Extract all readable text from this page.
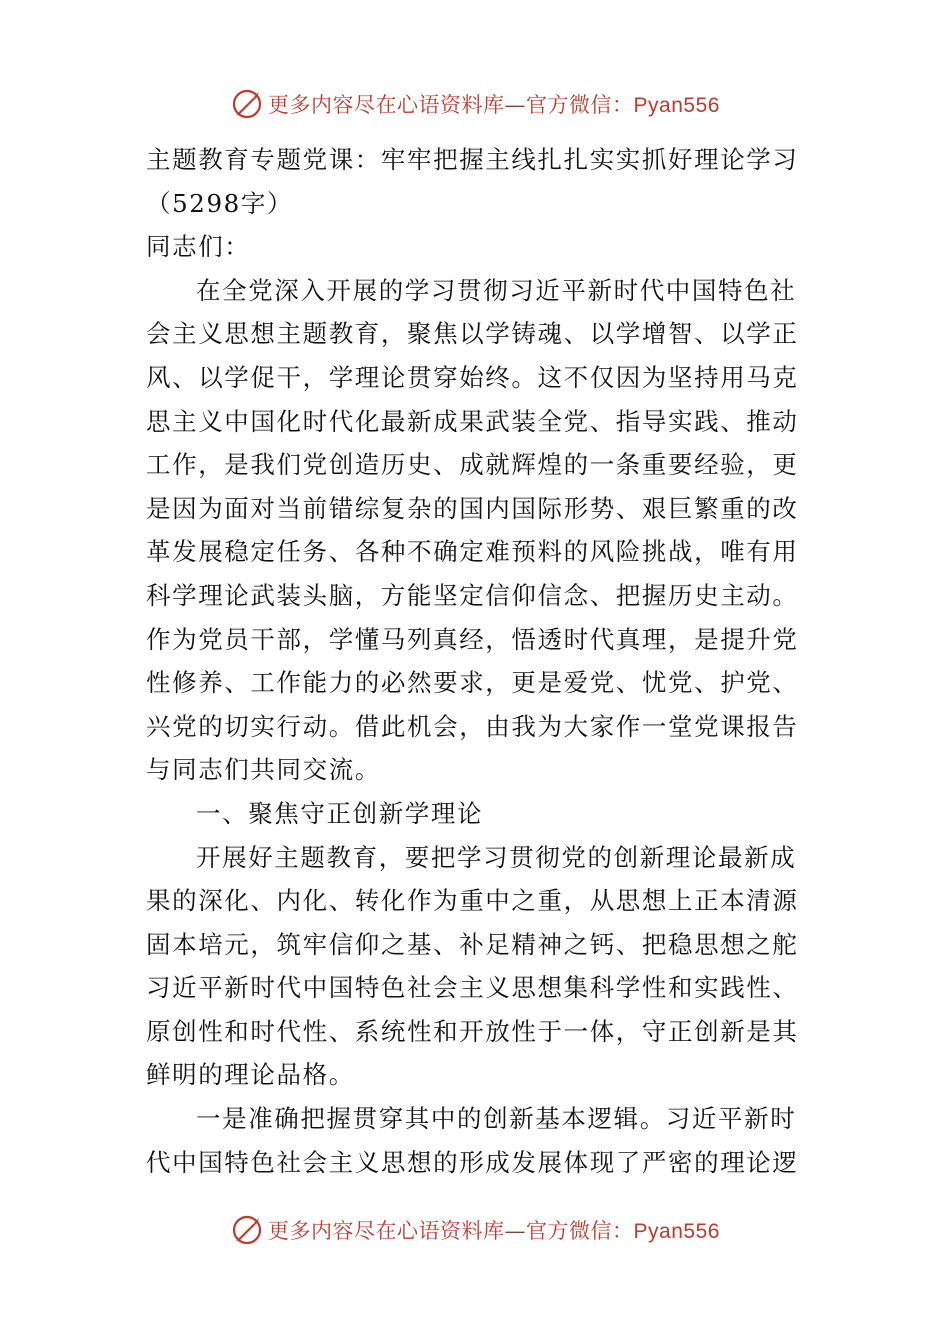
更多内容尽在心语资料库—官方微信：Pyan556
主题教育专题党课：牢牢把握主线扎扎实实抓好理论学习
（5298字）
同志们：
在全党深入开展的学习贯彻习近平新时代中国特色社
会主义思想主题教育，聚焦以学铸魂、以学增智、以学正
风、以学促干，学理论贯穿始终。这不仅因为坚持用马克
思主义中国化时代化最新成果武装全党、指导实践、推动
工作，是我们党创造历史、成就辉煌的一条重要经验，更
是因为面对当前错综复杂的国内国际形势、艰巨繁重的改
革发展稳定任务、各种不确定难预料的风险挑战，唯有用
科学理论武装头脑，方能坚定信仰信念、把握历史主动。
作为党员干部，学懂马列真经，悟透时代真理，是提升党
性修养、工作能力的必然要求，更是爱党、忧党、护党、
兴党的切实行动。借此机会，由我为大家作一堂党课报告
与同志们共同交流。
一、聚焦守正创新学理论
开展好主题教育，要把学习贯彻党的创新理论最新成
果的深化、内化、转化作为重中之重，从思想上正本清源
固本培元，筑牢信仰之基、补足精神之钙、把稳思想之舵
习近平新时代中国特色社会主义思想集科学性和实践性、
原创性和时代性、系统性和开放性于一体，守正创新是其
鲜明的理论品格。
一是准确把握贯穿其中的创新基本逻辑。习近平新时
代中国特色社会主义思想的形成发展体现了严密的理论逻
更多内容尽在心语资料库—官方微信：Pyan556
